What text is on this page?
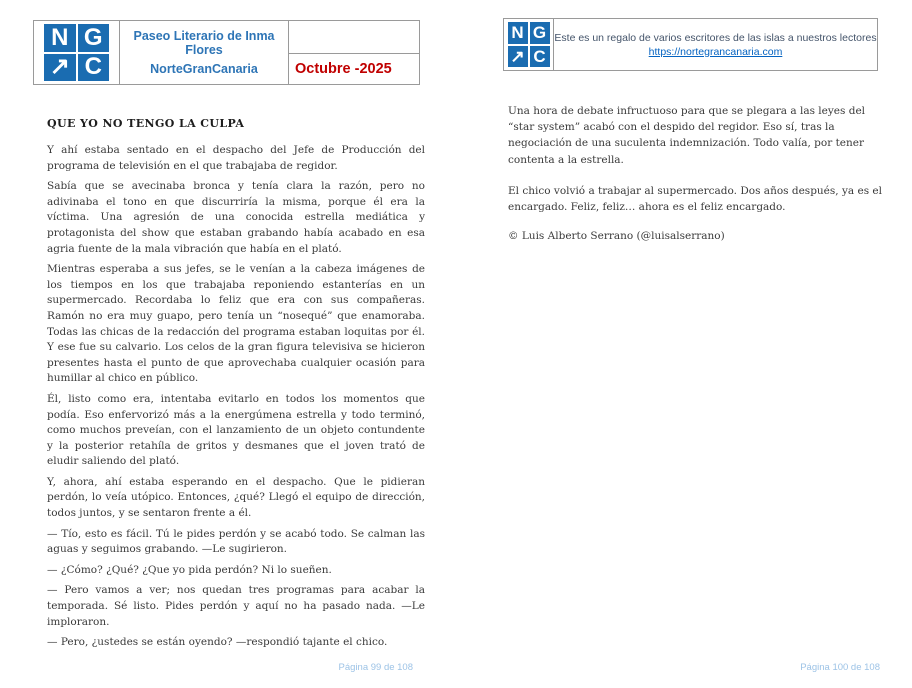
N G
↗ C
Paseo Literario de Inma Flores
NorteGranCanaria	Octubre -2025
QUE YO NO TENGO LA CULPA

Y ahí estaba sentado en el despacho del Jefe de Producción del programa de televisión en el que trabajaba de regidor.

Sabía que se avecinaba bronca y tenía clara la razón, pero no adivinaba el tono en que discurriría la misma, porque él era la víctima. Una agresión de una conocida estrella mediática y protagonista del show que estaban grabando había acabado en esa agria fuente de la mala vibración que había en el plató.

Mientras esperaba a sus jefes, se le venían a la cabeza imágenes de los tiempos en los que trabajaba reponiendo estanterías en un supermercado. Recordaba lo feliz que era con sus compañeras. Ramón no era muy guapo, pero tenía un “nosequé” que enamoraba. Todas las chicas de la redacción del programa estaban loquitas por él. Y ese fue su calvario. Los celos de la gran figura televisiva se hicieron presentes hasta el punto de que aprovechaba cualquier ocasión para humillar al chico en público.

Él, listo como era, intentaba evitarlo en todos los momentos que podía. Eso enfervorizó más a la energúmena estrella y todo terminó, como muchos preveían, con el lanzamiento de un objeto contundente y la posterior retahíla de gritos y desmanes que el joven trató de eludir saliendo del plató.

Y, ahora, ahí estaba esperando en el despacho. Que le pidieran perdón, lo veía utópico. Entonces, ¿qué? Llegó el equipo de dirección, todos juntos, y se sentaron frente a él.

— Tío, esto es fácil. Tú le pides perdón y se acabó todo. Se calman las aguas y seguimos grabando. —Le sugirieron.

— ¿Cómo? ¿Qué? ¿Que yo pida perdón? Ni lo sueñen.

— Pero vamos a ver; nos quedan tres programas para acabar la temporada. Sé listo. Pides perdón y aquí no ha pasado nada. —Le imploraron.

— Pero, ¿ustedes se están oyendo? —respondió tajante el chico.

Página 99 de 108
N G
↗ C
Este es un regalo de varios escritores de las islas a nuestros lectores
https://nortegrancanaria.com

Una hora de debate infructuoso para que se plegara a las leyes del “star system” acabó con el despido del regidor. Eso sí, tras la negociación de una suculenta indemnización. Todo valía, por tener contenta a la estrella.

El chico volvió a trabajar al supermercado. Dos años después, ya es el encargado. Feliz, feliz… ahora es el feliz encargado.

© Luis Alberto Serrano (@luisalserrano)
Página 100 de 108
